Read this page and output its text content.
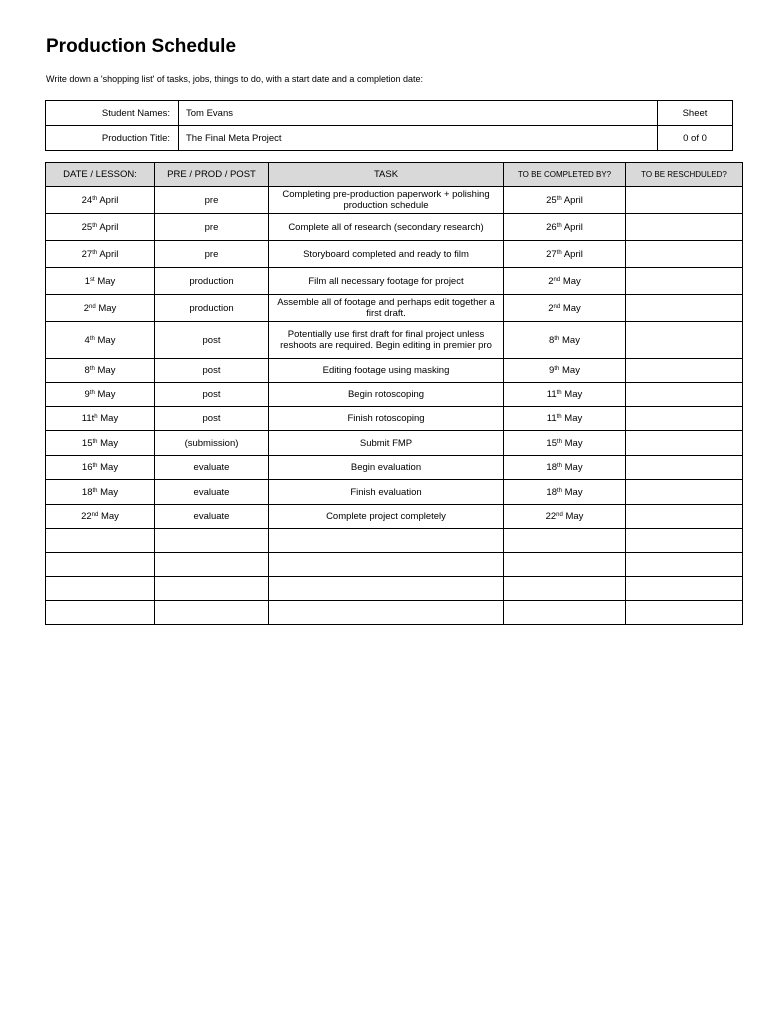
Production Schedule
Write down a 'shopping list' of tasks, jobs, things to do, with a start date and a completion date:
Student Names:	Tom Evans	Sheet
Production Title:	The Final Meta Project	0 of 0
DATE / LESSON:	PRE / PROD / POST	TASK	TO BE COMPLETED BY?	TO BE RESCHDULED?
24th April	pre	Completing pre-production paperwork + polishing production schedule	25th April	
25th April	pre	Complete all of research (secondary research)	26th April	
27th April	pre	Storyboard completed and ready to film	27th April	
1st May	production	Film all necessary footage for project	2nd May	
2nd May	production	Assemble all of footage and perhaps edit together a first draft.	2nd May	
4th May	post	Potentially use first draft for final project unless reshoots are required. Begin editing in premier pro	8th May	
8th May	post	Editing footage using masking	9th May	
9th May	post	Begin rotoscoping	11th May	
$11t^h$ May	post	Finish rotoscoping	11th May	
15th May	(submission)	Submit FMP	15th May	
16th May	evaluate	Begin evaluation	18th May	
18th May	evaluate	Finish evaluation	18th May	
22nd May	evaluate	Complete project completely	22nd May	
